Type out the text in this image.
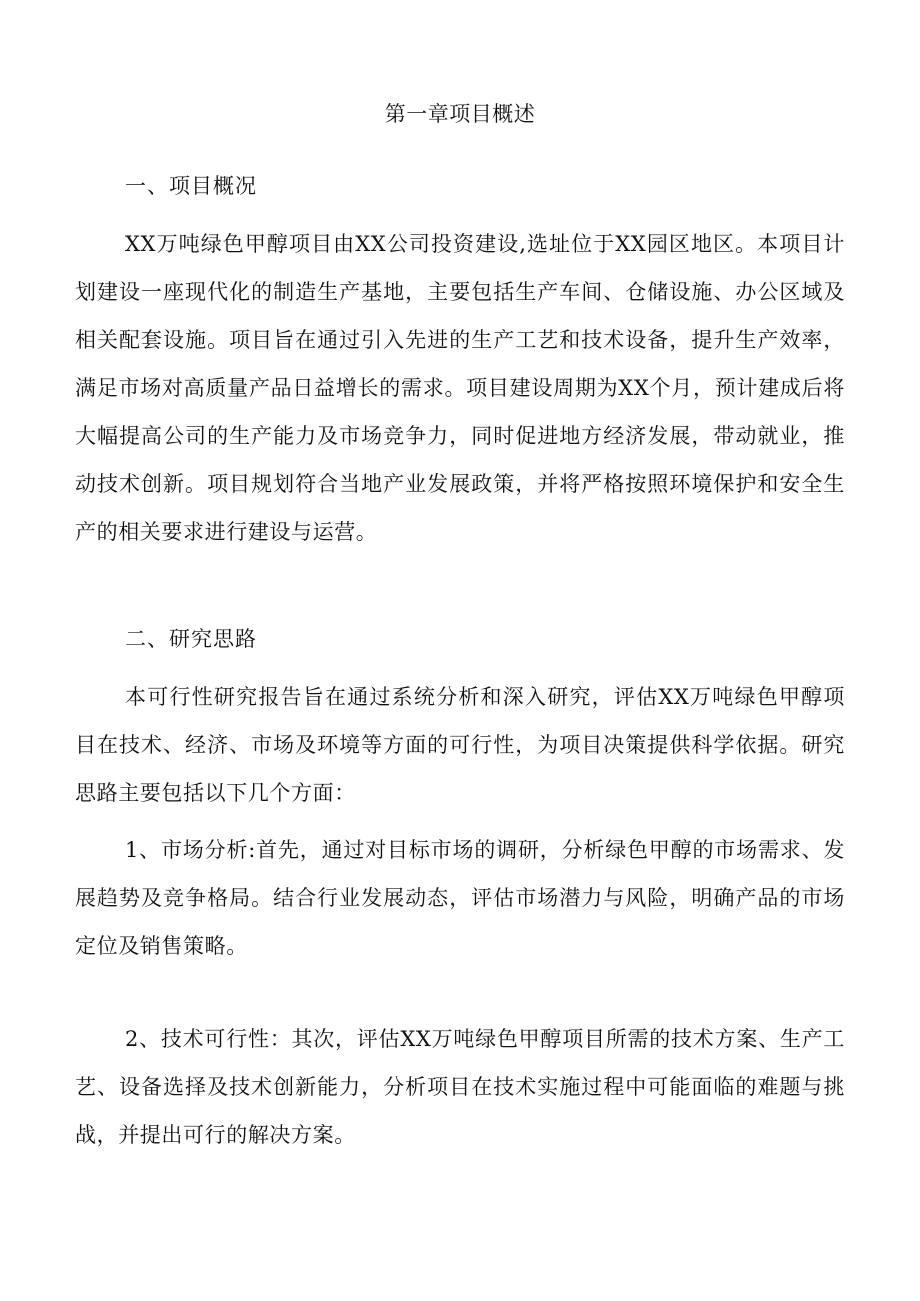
第一章项目概述
一、项目概况

XX万吨绿色甲醇项目由XX公司投资建设,选址位于XX园区地区。本项目计划建设一座现代化的制造生产基地，主要包括生产车间、仓储设施、办公区域及相关配套设施。项目旨在通过引入先进的生产工艺和技术设备，提升生产效率，满足市场对高质量产品日益增长的需求。项目建设周期为XX个月，预计建成后将大幅提高公司的生产能力及市场竞争力，同时促进地方经济发展，带动就业，推动技术创新。项目规划符合当地产业发展政策，并将严格按照环境保护和安全生产的相关要求进行建设与运营。

二、研究思路

本可行性研究报告旨在通过系统分析和深入研究，评估XX万吨绿色甲醇项目在技术、经济、市场及环境等方面的可行性，为项目决策提供科学依据。研究思路主要包括以下几个方面：

1、市场分析:首先，通过对目标市场的调研，分析绿色甲醇的市场需求、发展趋势及竞争格局。结合行业发展动态，评估市场潜力与风险，明确产品的市场定位及销售策略。

2、技术可行性：其次，评估XX万吨绿色甲醇项目所需的技术方案、生产工艺、设备选择及技术创新能力，分析项目在技术实施过程中可能面临的难题与挑战，并提出可行的解决方案。
